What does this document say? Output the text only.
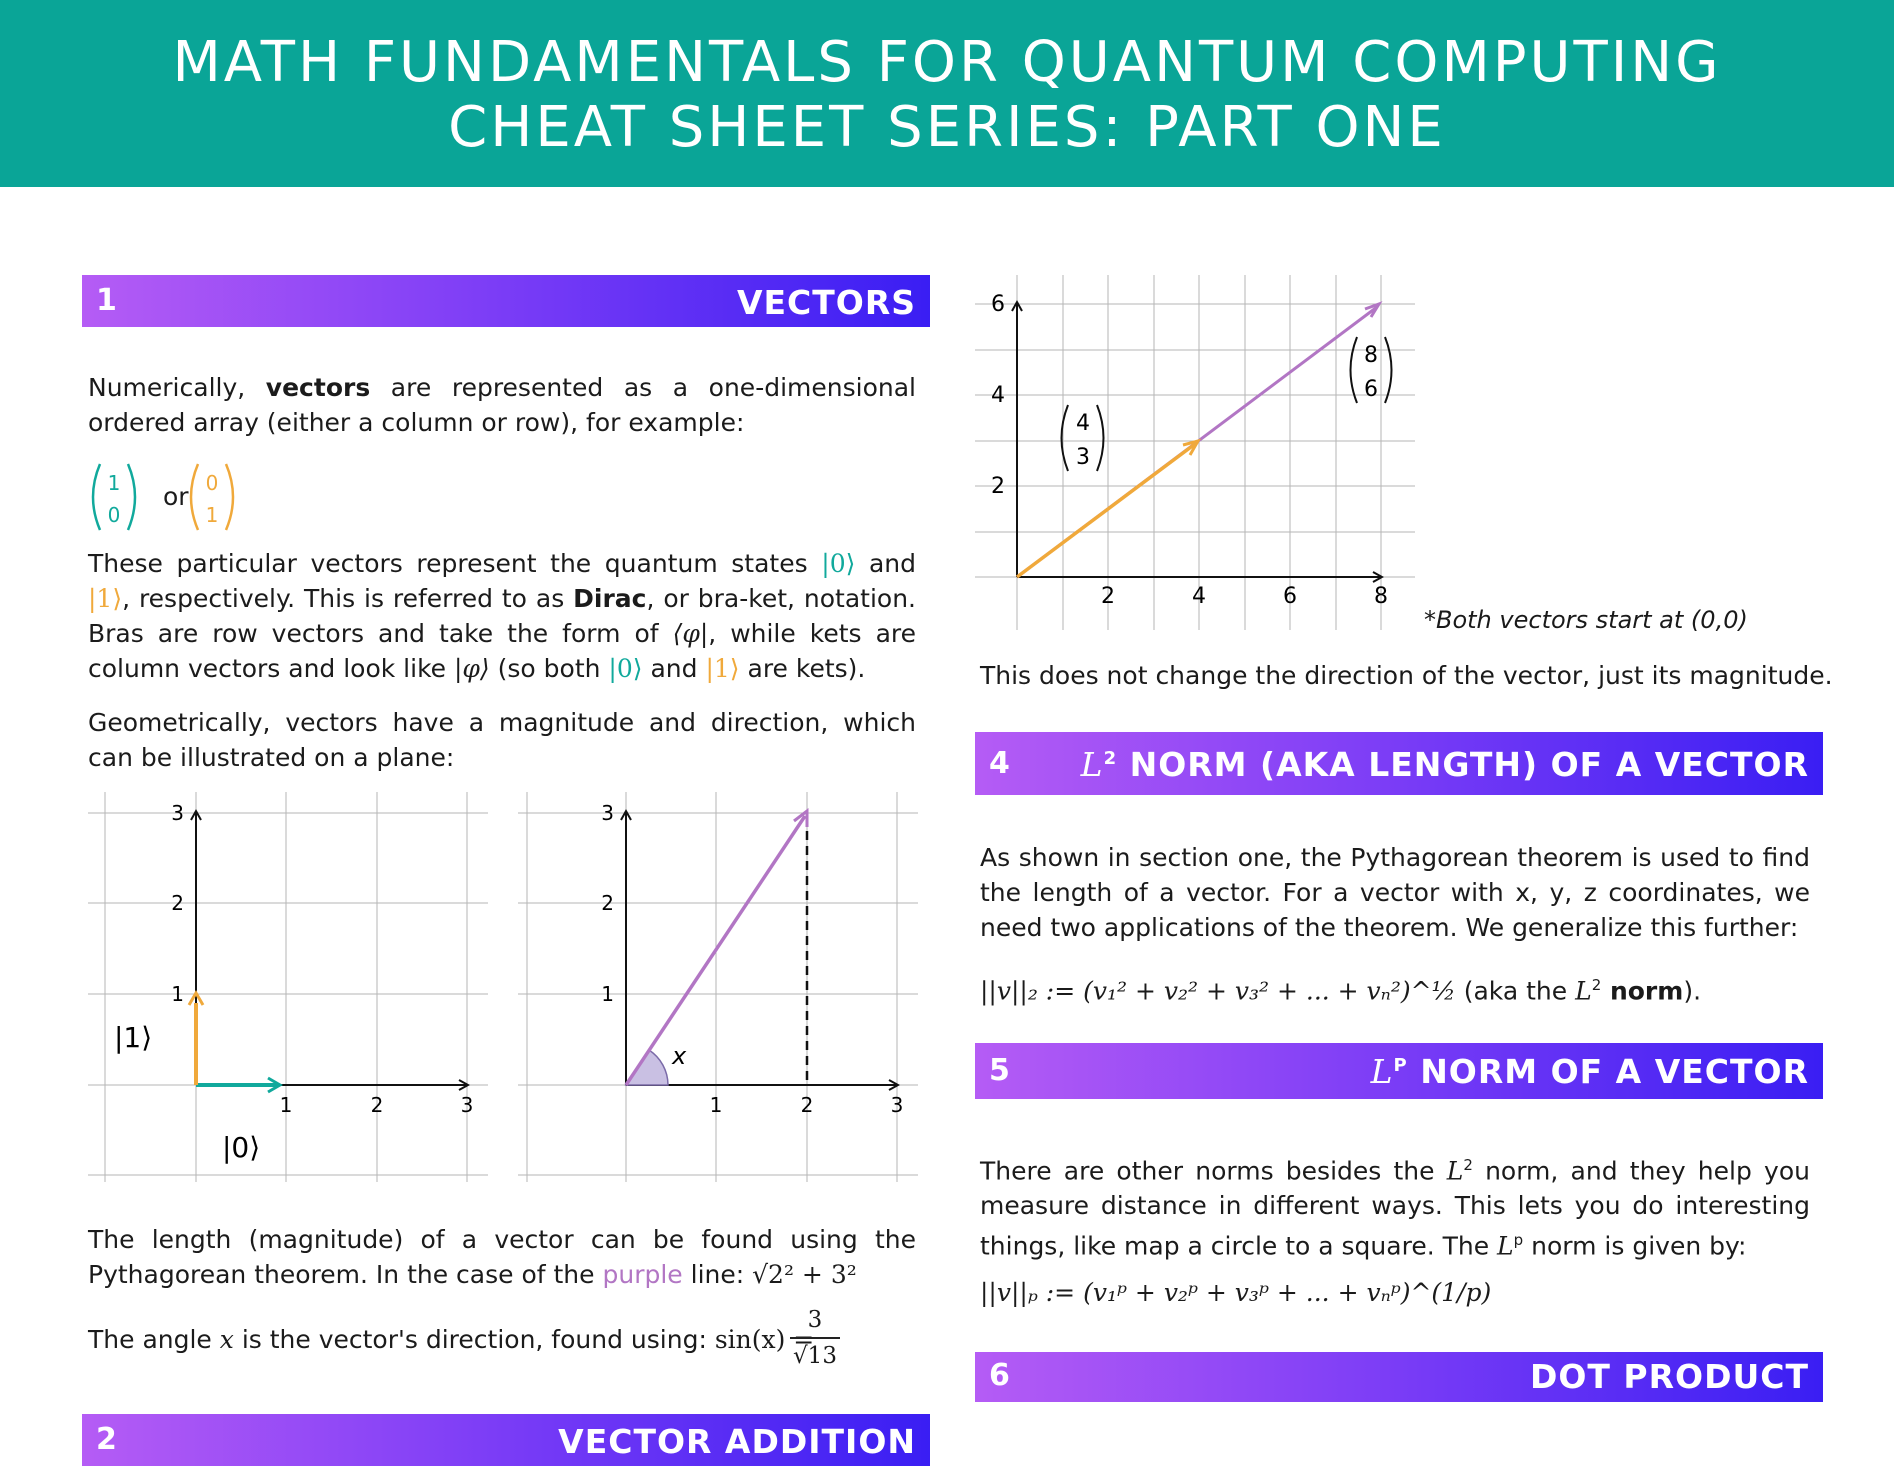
MATH FUNDAMENTALS FOR QUANTUM COMPUTING
CHEAT SHEET SERIES: PART ONE
1	VECTORS
Numerically, vectors are represented as a one-dimensional ordered array (either a column or row), for example:
1
0
or 0
1
These particular vectors represent the quantum states |0⟩ and |1⟩, respectively. This is referred to as Dirac, or bra-ket, notation. Bras are row vectors and take the form of ⟨φ|, while kets are column vectors and look like |φ⟩ (so both |0⟩ and |1⟩ are kets).
Geometrically, vectors have a magnitude and direction, which can be illustrated on a plane:
1	2	3
1
2
3
|1⟩
|0⟩
x
1	2	3
1
2
3
The length (magnitude) of a vector can be found using the Pythagorean theorem. In the case of the purple line: √2² + 3²
The angle x is the vector's direction, found using: sin(x) =
3
√13
2	VECTOR ADDITION
2	4	6	8
2
4
6
4
3
8
6
*Both vectors start at (0,0)
This does not change the direction of the vector, just its magnitude.
4 $L^2$ NORM (AKA LENGTH) OF A VECTOR
As shown in section one, the Pythagorean theorem is used to find the length of a vector. For a vector with x, y, z coordinates, we need two applications of the theorem. We generalize this further:
||v||₂ := (v₁² + v₂² + v₃² + ... + vₙ²)^½ (aka the $L^2$ norm).
5	$L^P$ NORM OF A VECTOR
There are other norms besides the $L^2$ norm, and they help you measure distance in different ways. This lets you do interesting things, like map a circle to a square. The $L^p$ norm is given by:
||v||ₚ := (v₁ᵖ + v₂ᵖ + v₃ᵖ + ... + vₙᵖ)^(1/p)
6	DOT PRODUCT
